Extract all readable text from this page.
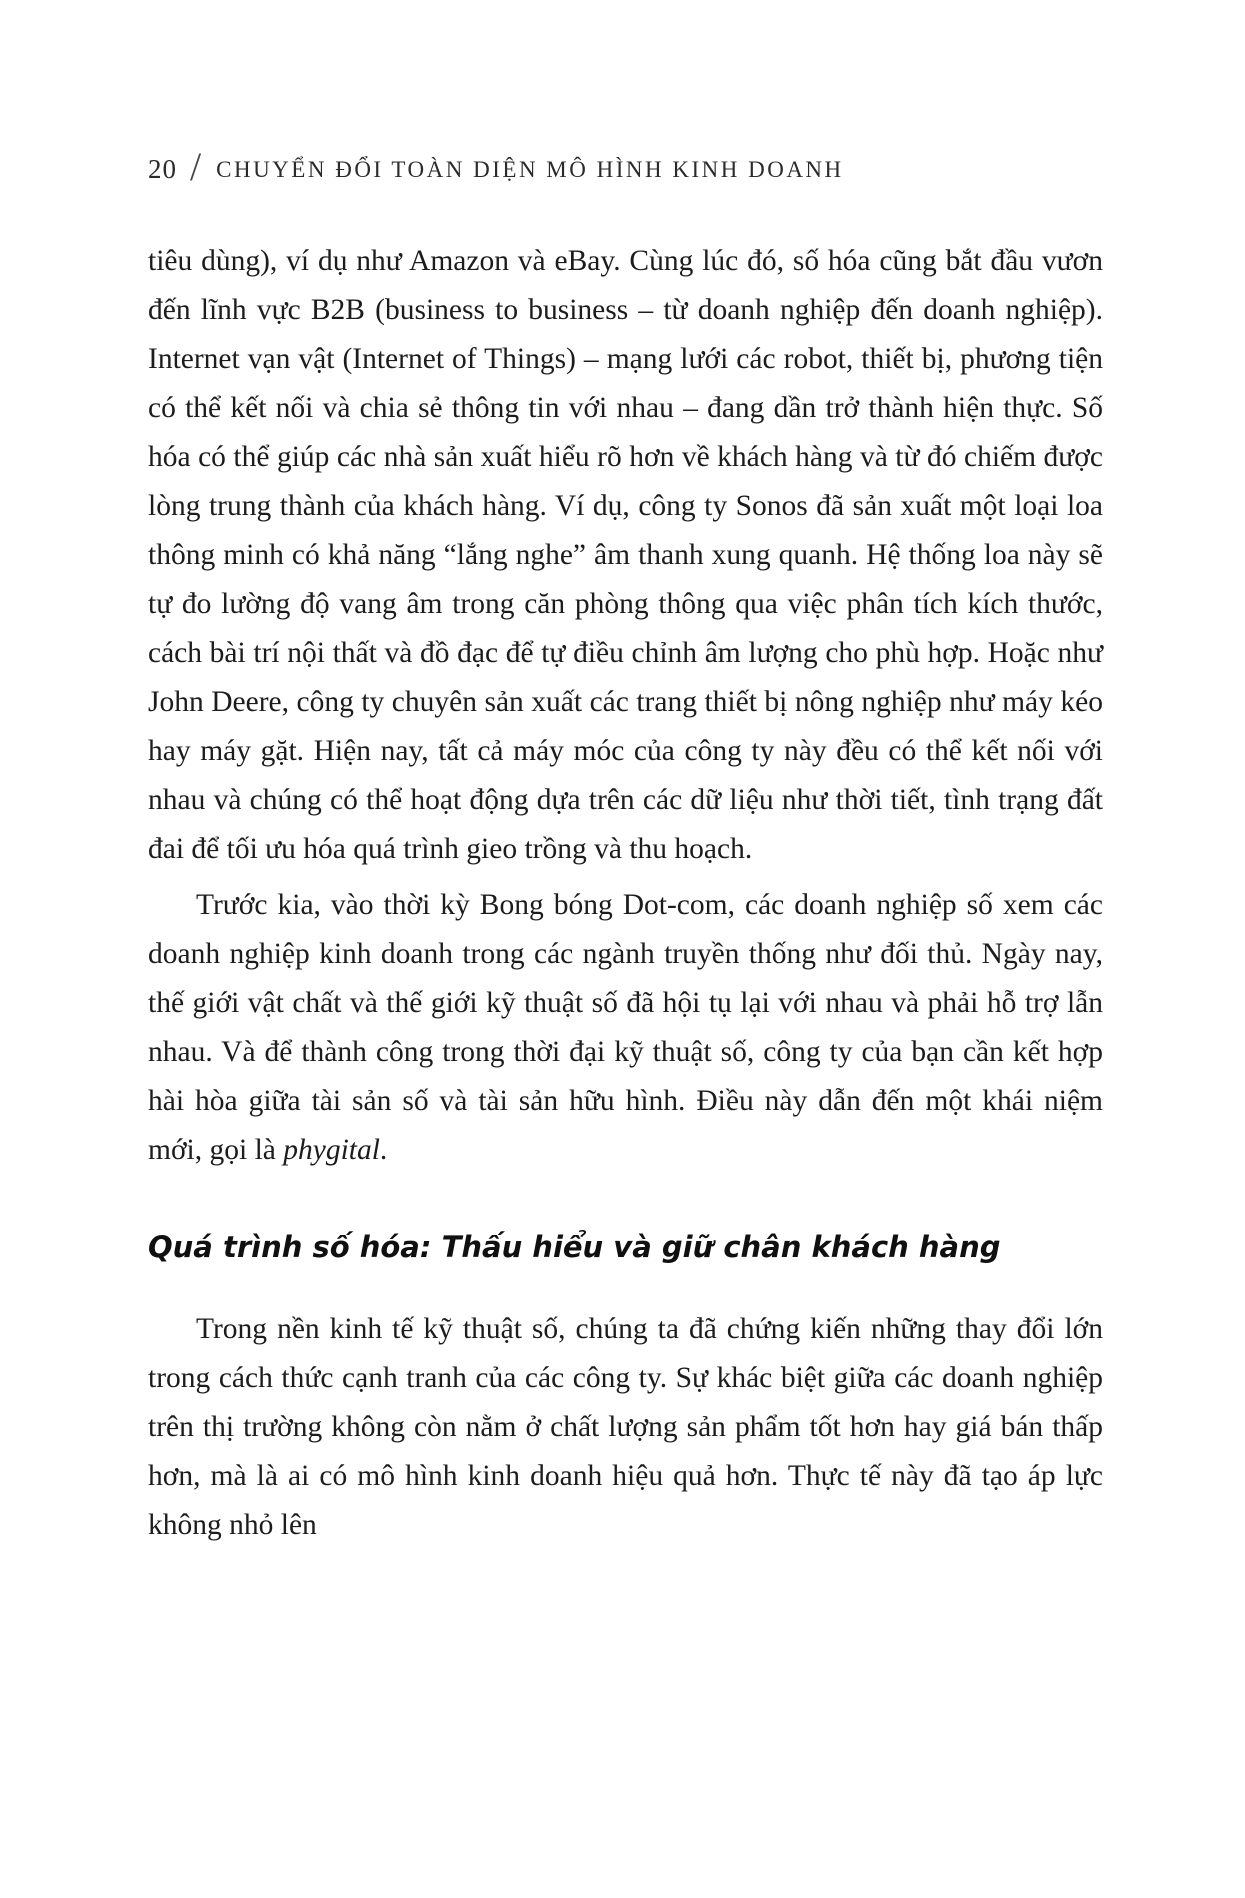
20 / CHUYỂN ĐỔI TOÀN DIỆN MÔ HÌNH KINH DOANH

tiêu dùng), ví dụ như Amazon và eBay. Cùng lúc đó, số hóa cũng bắt đầu vươn đến lĩnh vực B2B (business to business – từ doanh nghiệp đến doanh nghiệp). Internet vạn vật (Internet of Things) – mạng lưới các robot, thiết bị, phương tiện có thể kết nối và chia sẻ thông tin với nhau – đang dần trở thành hiện thực. Số hóa có thể giúp các nhà sản xuất hiểu rõ hơn về khách hàng và từ đó chiếm được lòng trung thành của khách hàng. Ví dụ, công ty Sonos đã sản xuất một loại loa thông minh có khả năng “lắng nghe” âm thanh xung quanh. Hệ thống loa này sẽ tự đo lường độ vang âm trong căn phòng thông qua việc phân tích kích thước, cách bài trí nội thất và đồ đạc để tự điều chỉnh âm lượng cho phù hợp. Hoặc như John Deere, công ty chuyên sản xuất các trang thiết bị nông nghiệp như máy kéo hay máy gặt. Hiện nay, tất cả máy móc của công ty này đều có thể kết nối với nhau và chúng có thể hoạt động dựa trên các dữ liệu như thời tiết, tình trạng đất đai để tối ưu hóa quá trình gieo trồng và thu hoạch.

Trước kia, vào thời kỳ Bong bóng Dot-com, các doanh nghiệp số xem các doanh nghiệp kinh doanh trong các ngành truyền thống như đối thủ. Ngày nay, thế giới vật chất và thế giới kỹ thuật số đã hội tụ lại với nhau và phải hỗ trợ lẫn nhau. Và để thành công trong thời đại kỹ thuật số, công ty của bạn cần kết hợp hài hòa giữa tài sản số và tài sản hữu hình. Điều này dẫn đến một khái niệm mới, gọi là phygital.

Quá trình số hóa: Thấu hiểu và giữ chân khách hàng

Trong nền kinh tế kỹ thuật số, chúng ta đã chứng kiến những thay đổi lớn trong cách thức cạnh tranh của các công ty. Sự khác biệt giữa các doanh nghiệp trên thị trường không còn nằm ở chất lượng sản phẩm tốt hơn hay giá bán thấp hơn, mà là ai có mô hình kinh doanh hiệu quả hơn. Thực tế này đã tạo áp lực không nhỏ lên
